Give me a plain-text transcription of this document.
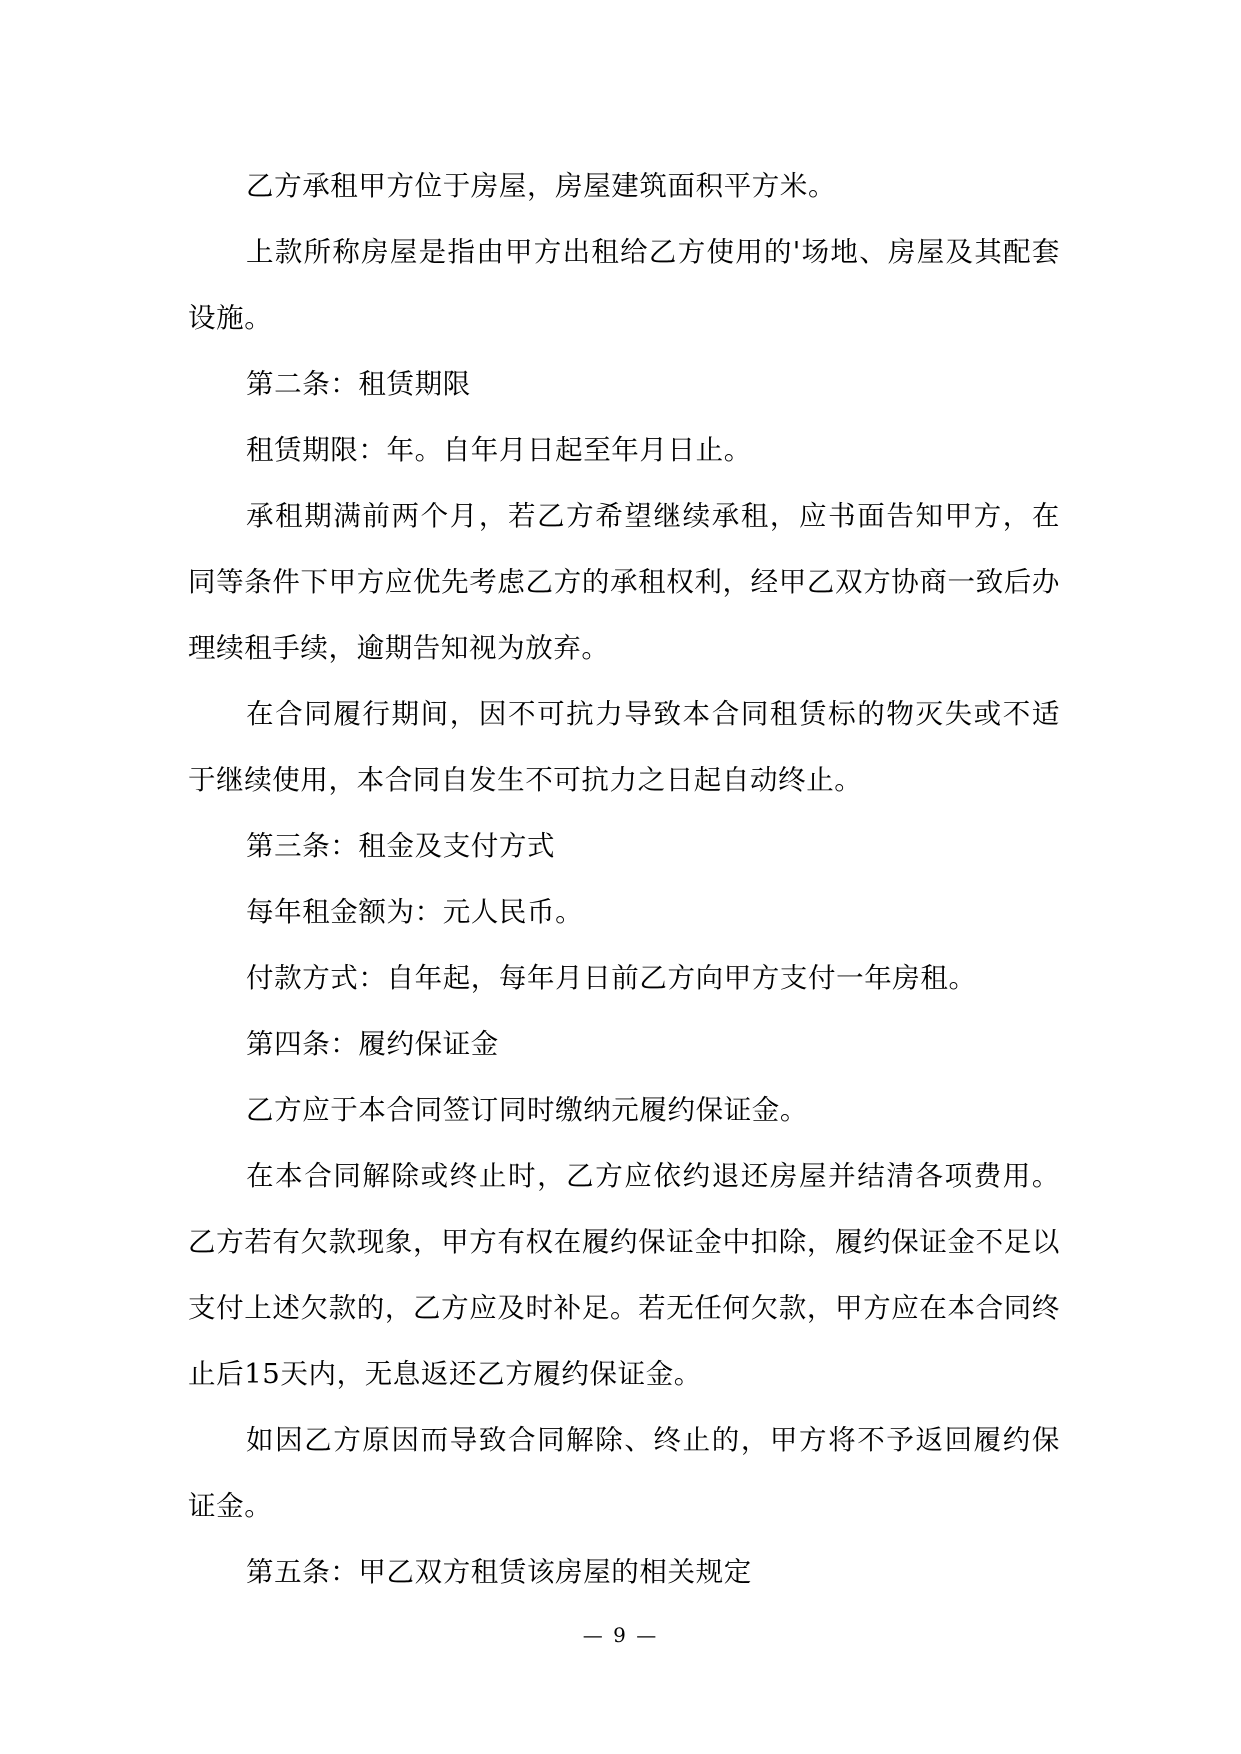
乙方承租甲方位于房屋，房屋建筑面积平方米。

上款所称房屋是指由甲方出租给乙方使用的'场地、房屋及其配套设施。

第二条：租赁期限

租赁期限：年。自年月日起至年月日止。

承租期满前两个月，若乙方希望继续承租，应书面告知甲方，在同等条件下甲方应优先考虑乙方的承租权利，经甲乙双方协商一致后办理续租手续，逾期告知视为放弃。

在合同履行期间，因不可抗力导致本合同租赁标的物灭失或不适于继续使用，本合同自发生不可抗力之日起自动终止。

第三条：租金及支付方式

每年租金额为：元人民币。

付款方式：自年起，每年月日前乙方向甲方支付一年房租。

第四条：履约保证金

乙方应于本合同签订同时缴纳元履约保证金。

在本合同解除或终止时，乙方应依约退还房屋并结清各项费用。乙方若有欠款现象，甲方有权在履约保证金中扣除，履约保证金不足以支付上述欠款的，乙方应及时补足。若无任何欠款，甲方应在本合同终止后15天内，无息返还乙方履约保证金。

如因乙方原因而导致合同解除、终止的，甲方将不予返回履约保证金。

第五条：甲乙双方租赁该房屋的相关规定

— 9 —
